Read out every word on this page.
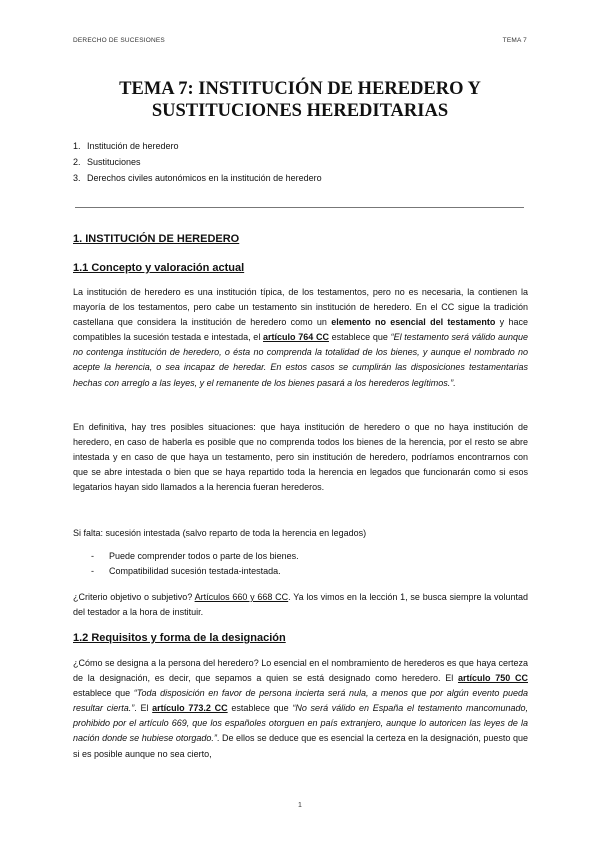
DERECHO DE SUCESIONES	TEMA 7
TEMA 7: INSTITUCIÓN DE HEREDERO Y
SUSTITUCIONES HEREDITARIAS
1. Institución de heredero
2. Sustituciones
3. Derechos civiles autonómicos en la institución de heredero
1. INSTITUCIÓN DE HEREDERO
1.1 Concepto y valoración actual

La institución de heredero es una institución típica, de los testamentos, pero no es necesaria, la contienen la mayoría de los testamentos, pero cabe un testamento sin institución de heredero. En el CC sigue la tradición castellana que considera la institución de heredero como un elemento no esencial del testamento y hace compatibles la sucesión testada e intestada, el artículo 764 CC establece que “El testamento será válido aunque no contenga institución de heredero, o ésta no comprenda la totalidad de los bienes, y aunque el nombrado no acepte la herencia, o sea incapaz de heredar. En estos casos se cumplirán las disposiciones testamentarias hechas con arreglo a las leyes, y el remanente de los bienes pasará a los herederos legítimos.”.

En definitiva, hay tres posibles situaciones: que haya institución de heredero o que no haya institución de heredero, en caso de haberla es posible que no comprenda todos los bienes de la herencia, por el resto se abre intestada y en caso de que haya un testamento, pero sin institución de heredero, podríamos encontrarnos con que se abre intestada o bien que se haya repartido toda la herencia en legados que funcionarán como si esos legatarios hayan sido llamados a la herencia fueran herederos.

Si falta: sucesión intestada (salvo reparto de toda la herencia en legados)

-	Puede comprender todos o parte de los bienes.
-	Compatibilidad sucesión testada-intestada.

¿Criterio objetivo o subjetivo? Artículos 660 y 668 CC. Ya los vimos en la lección 1, se busca siempre la voluntad del testador a la hora de instituir.

1.2 Requisitos y forma de la designación

¿Cómo se designa a la persona del heredero? Lo esencial en el nombramiento de herederos es que haya certeza de la designación, es decir, que sepamos a quien se está designado como heredero. El artículo 750 CC establece que “Toda disposición en favor de persona incierta será nula, a menos que por algún evento pueda resultar cierta.”. El artículo 773.2 CC establece que “No será válido en España el testamento mancomunado, prohibido por el artículo 669, que los españoles otorguen en país extranjero, aunque lo autoricen las leyes de la nación donde se hubiese otorgado.”. De ellos se deduce que es esencial la certeza en la designación, puesto que si es posible aunque no sea cierto,

1
